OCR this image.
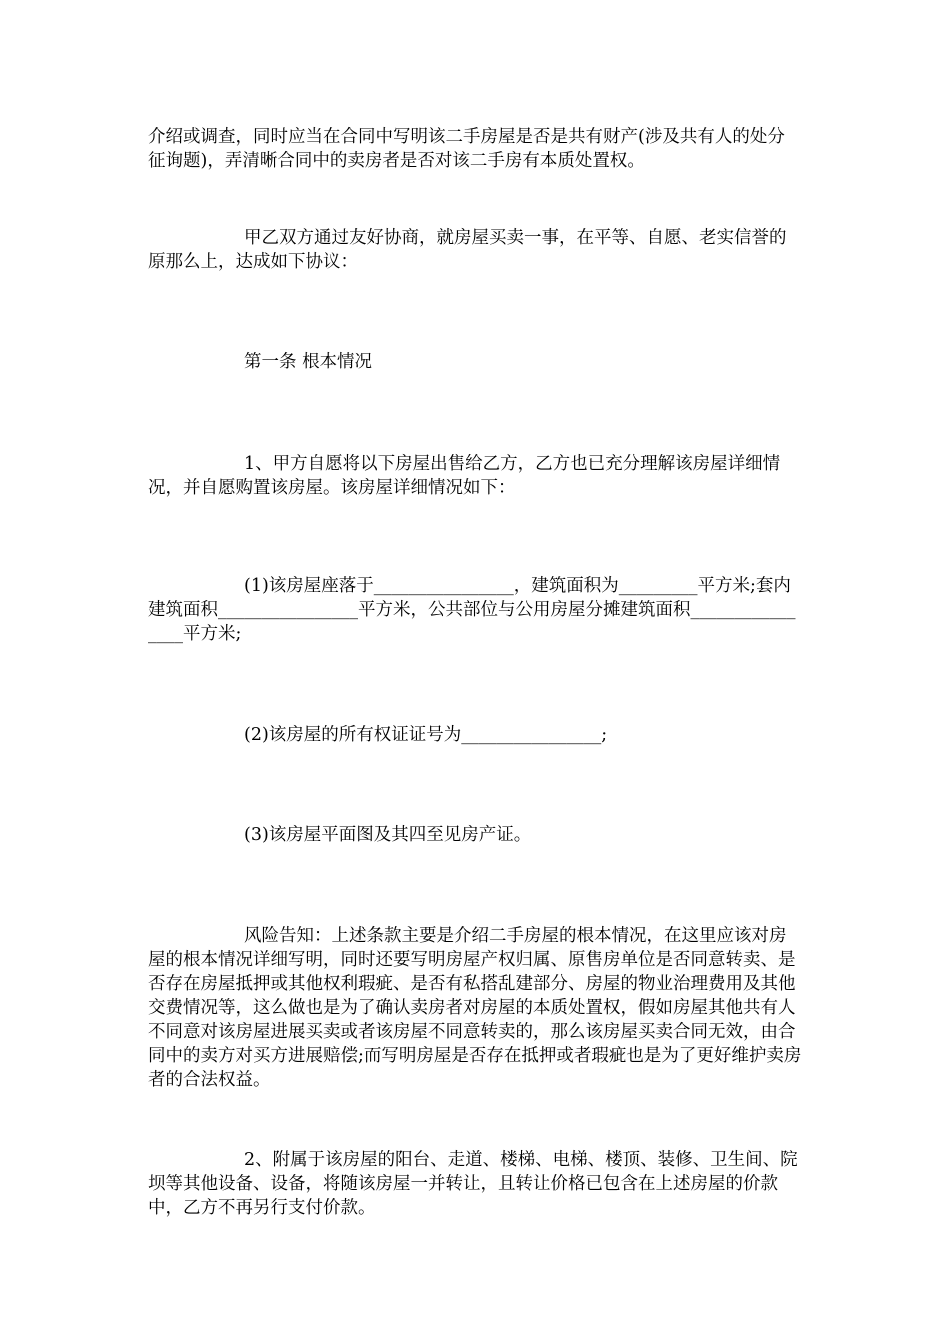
介绍或调查，同时应当在合同中写明该二手房屋是否是共有财产(涉及共有人的处分征询题)，弄清晰合同中的卖房者是否对该二手房有本质处置权。

甲乙双方通过友好协商，就房屋买卖一事，在平等、自愿、老实信誉的原那么上，达成如下协议：

第一条 根本情况

1、甲方自愿将以下房屋出售给乙方，乙方也已充分理解该房屋详细情况，并自愿购置该房屋。该房屋详细情况如下：

(1)该房屋座落于________________，建筑面积为_________平方米;套内建筑面积________________平方米，公共部位与公用房屋分摊建筑面积________________平方米;

(2)该房屋的所有权证证号为________________;

(3)该房屋平面图及其四至见房产证。

风险告知：上述条款主要是介绍二手房屋的根本情况，在这里应该对房屋的根本情况详细写明，同时还要写明房屋产权归属、原售房单位是否同意转卖、是否存在房屋抵押或其他权利瑕疵、是否有私搭乱建部分、房屋的物业治理费用及其他交费情况等，这么做也是为了确认卖房者对房屋的本质处置权，假如房屋其他共有人不同意对该房屋进展买卖或者该房屋不同意转卖的，那么该房屋买卖合同无效，由合同中的卖方对买方进展赔偿;而写明房屋是否存在抵押或者瑕疵也是为了更好维护卖房者的合法权益。

2、附属于该房屋的阳台、走道、楼梯、电梯、楼顶、装修、卫生间、院坝等其他设备、设备，将随该房屋一并转让，且转让价格已包含在上述房屋的价款中，乙方不再另行支付价款。
